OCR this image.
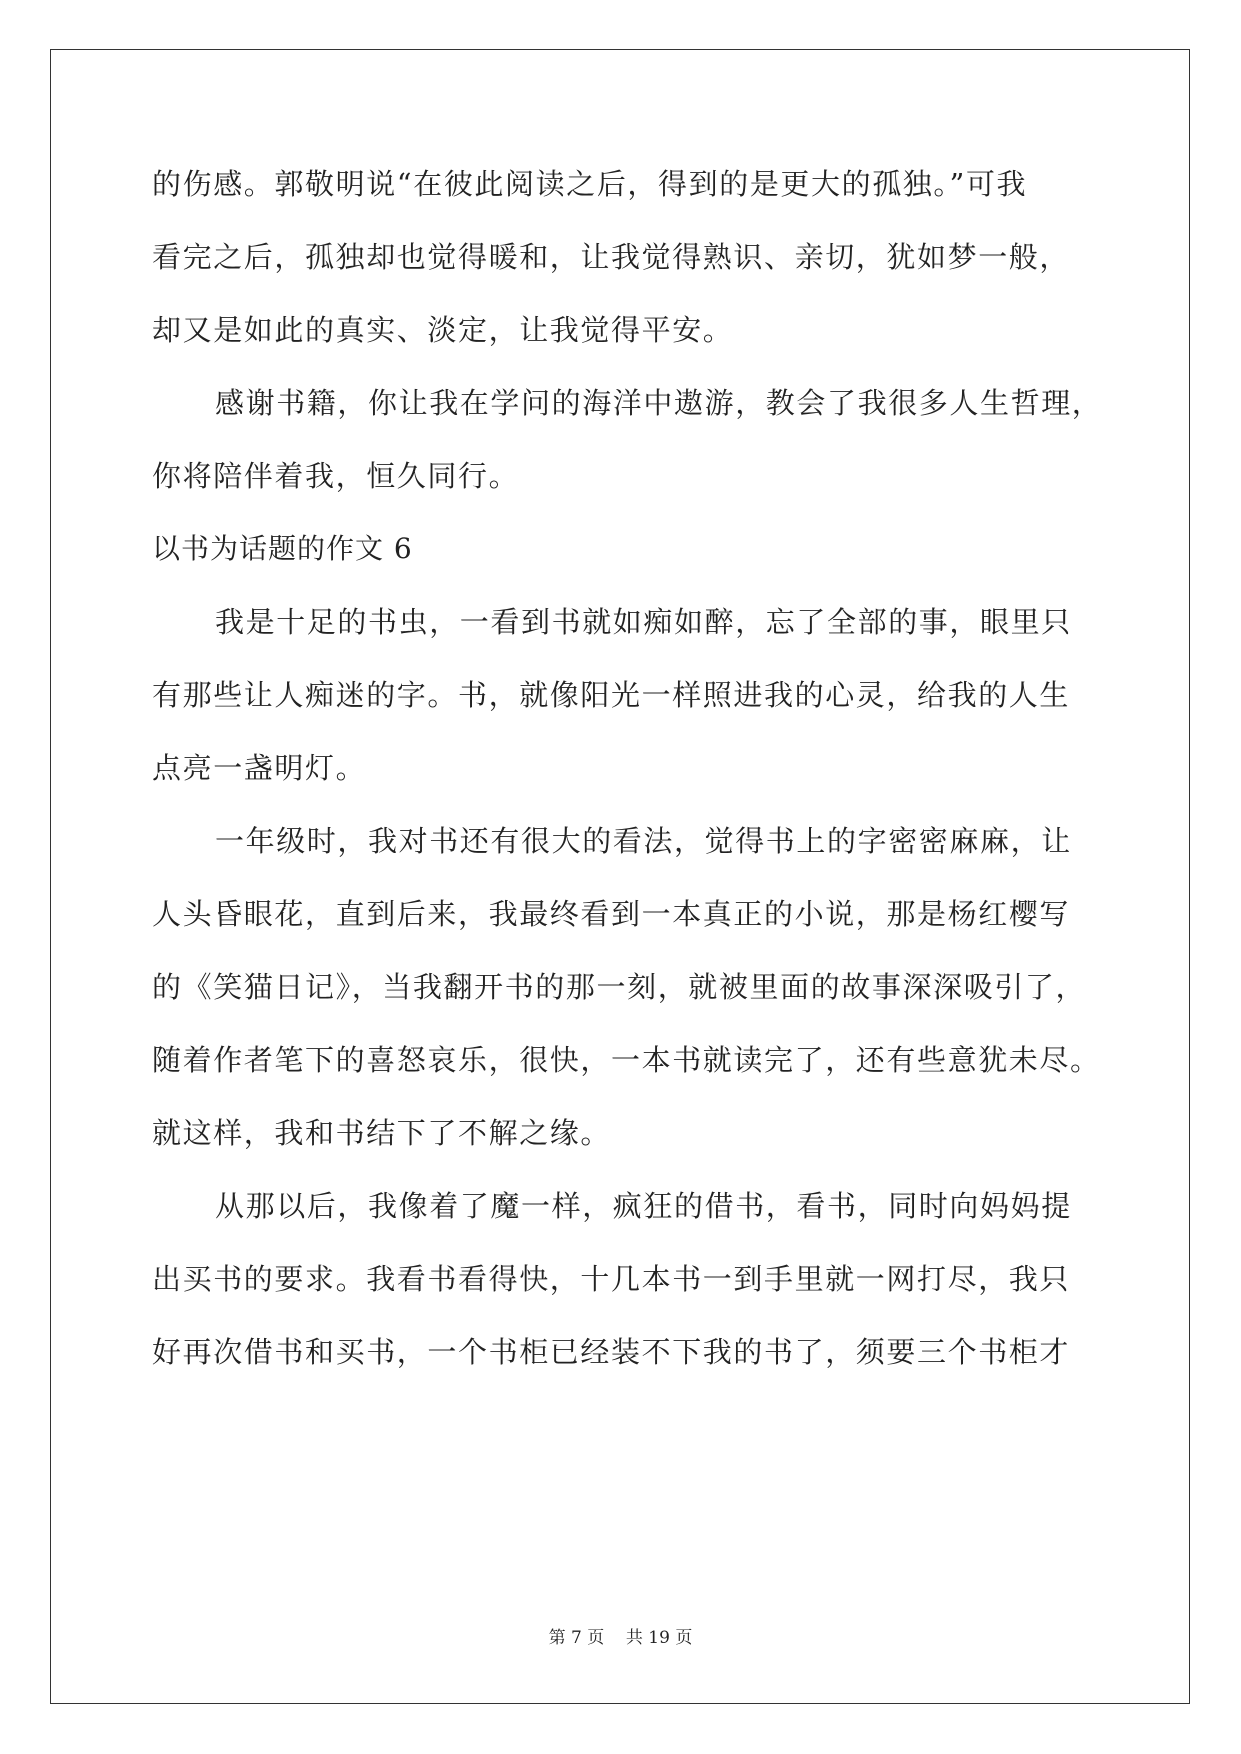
的伤感。郭敬明说“在彼此阅读之后，得到的是更大的孤独。”可我
看完之后，孤独却也觉得暖和，让我觉得熟识、亲切，犹如梦一般，
却又是如此的真实、淡定，让我觉得平安。
感谢书籍，你让我在学问的海洋中遨游，教会了我很多人生哲理，
你将陪伴着我，恒久同行。
以书为话题的作文 6
我是十足的书虫，一看到书就如痴如醉，忘了全部的事，眼里只
有那些让人痴迷的字。书，就像阳光一样照进我的心灵，给我的人生
点亮一盏明灯。
一年级时，我对书还有很大的看法，觉得书上的字密密麻麻，让
人头昏眼花，直到后来，我最终看到一本真正的小说，那是杨红樱写
的《笑猫日记》，当我翻开书的那一刻，就被里面的故事深深吸引了，
随着作者笔下的喜怒哀乐，很快，一本书就读完了，还有些意犹未尽。
就这样，我和书结下了不解之缘。
从那以后，我像着了魔一样，疯狂的借书，看书，同时向妈妈提
出买书的要求。我看书看得快，十几本书一到手里就一网打尽，我只
好再次借书和买书，一个书柜已经装不下我的书了，须要三个书柜才
第 7 页 共 19 页
